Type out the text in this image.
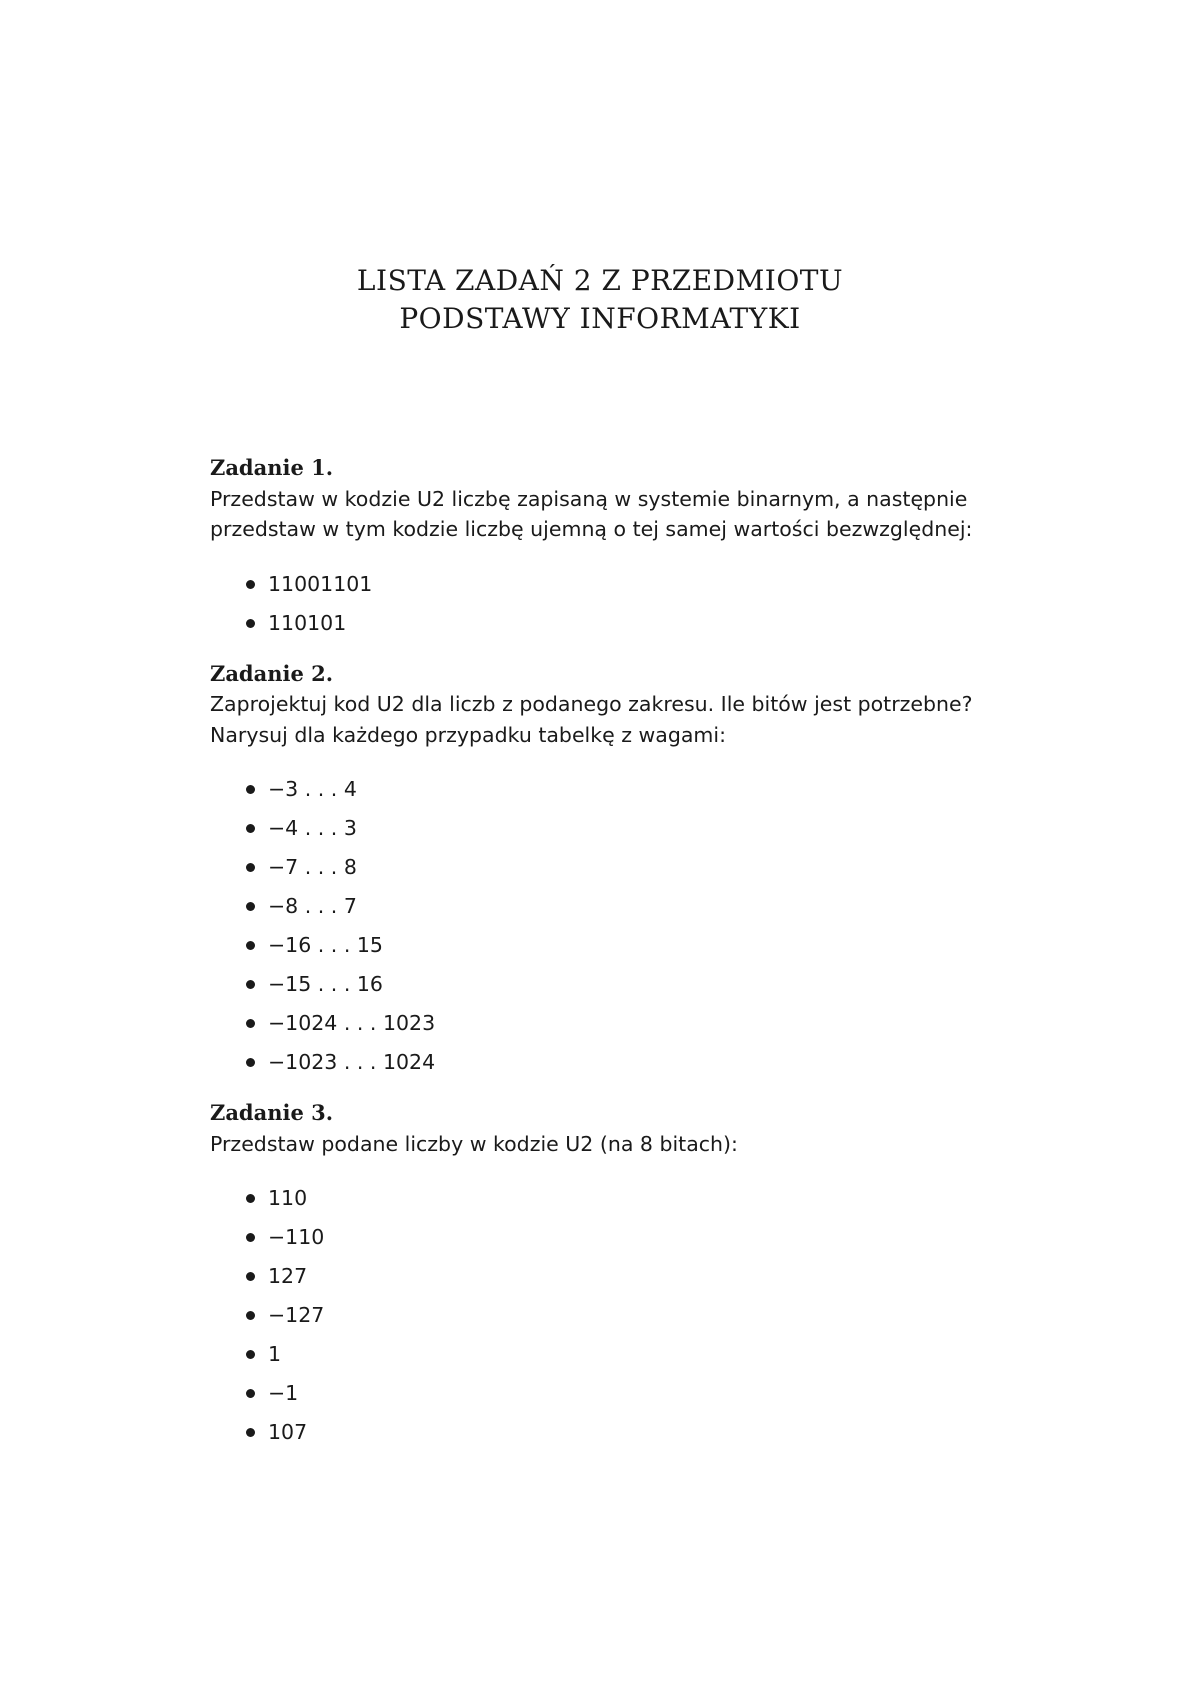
LISTA ZADAŃ 2 Z PRZEDMIOTU
PODSTAWY INFORMATYKI

Zadanie 1.

Przedstaw w kodzie U2 liczbę zapisaną w systemie binarnym, a następnie
przedstaw w tym kodzie liczbę ujemną o tej samej wartości bezwzględnej:

11001101
110101

Zadanie 2.

Zaprojektuj kod U2 dla liczb z podanego zakresu. Ile bitów jest potrzebne?
Narysuj dla każdego przypadku tabelkę z wagami:

−3 . . . 4
−4 . . . 3
−7 . . . 8
−8 . . . 7
−16 . . . 15
−15 . . . 16
−1024 . . . 1023
−1023 . . . 1024

Zadanie 3.

Przedstaw podane liczby w kodzie U2 (na 8 bitach):

110
−110
127
−127
1
−1
107
